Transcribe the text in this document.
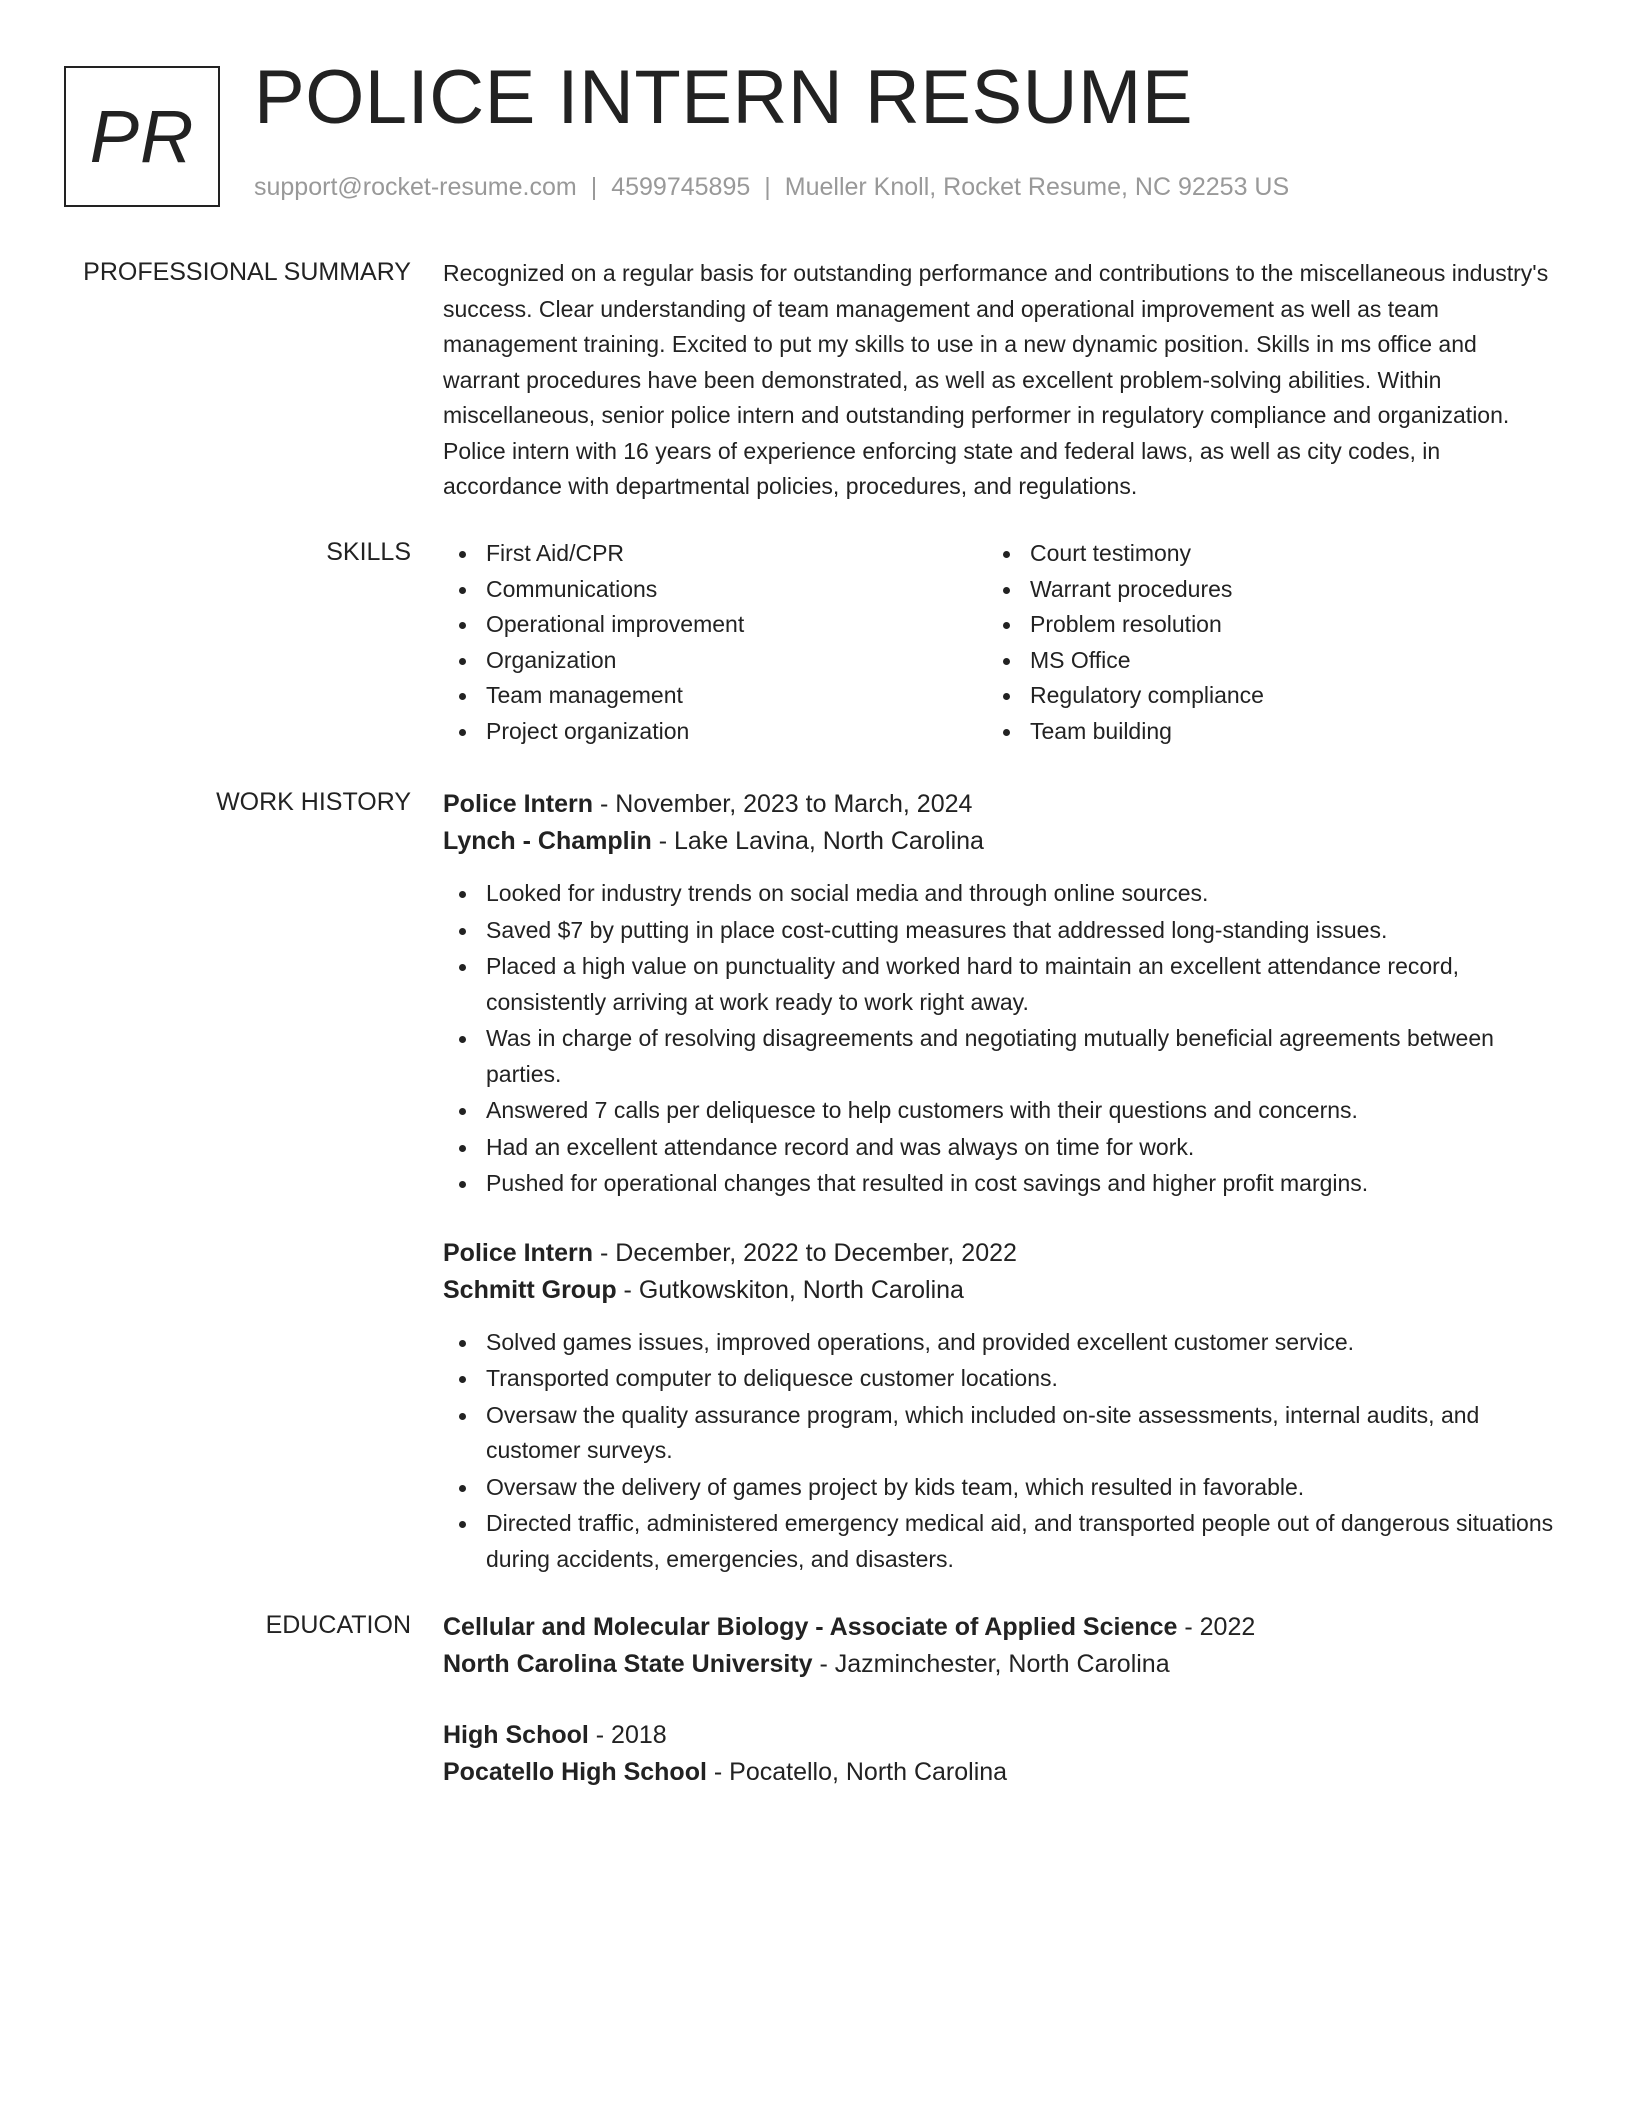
PR POLICE INTERN RESUME
support@rocket-resume.com | 4599745895 | Mueller Knoll, Rocket Resume, NC 92253 US
PROFESSIONAL SUMMARY Recognized on a regular basis for outstanding performance and contributions to the miscellaneous industry's success. Clear understanding of team management and operational improvement as well as team management training. Excited to put my skills to use in a new dynamic position. Skills in ms office and warrant procedures have been demonstrated, as well as excellent problem-solving abilities. Within miscellaneous, senior police intern and outstanding performer in regulatory compliance and organization. Police intern with 16 years of experience enforcing state and federal laws, as well as city codes, in accordance with departmental policies, procedures, and regulations.

SKILLS	First Aid/CPR
Communications
Operational improvement
Organization
Team management
Project organization
Court testimony
Warrant procedures
Problem resolution
MS Office
Regulatory compliance
Team building
WORK HISTORY Police Intern - November, 2023 to March, 2024
Lynch - Champlin - Lake Lavina, North Carolina
Looked for industry trends on social media and through online sources.
Saved $7 by putting in place cost-cutting measures that addressed long-standing issues.
Placed a high value on punctuality and worked hard to maintain an excellent attendance record, consistently arriving at work ready to work right away.
Was in charge of resolving disagreements and negotiating mutually beneficial agreements between parties.
Answered 7 calls per deliquesce to help customers with their questions and concerns.
Had an excellent attendance record and was always on time for work.
Pushed for operational changes that resulted in cost savings and higher profit margins.
Police Intern - December, 2022 to December, 2022
Schmitt Group - Gutkowskiton, North Carolina
Solved games issues, improved operations, and provided excellent customer service.
Transported computer to deliquesce customer locations.
Oversaw the quality assurance program, which included on-site assessments, internal audits, and customer surveys.
Oversaw the delivery of games project by kids team, which resulted in favorable.
Directed traffic, administered emergency medical aid, and transported people out of dangerous situations during accidents, emergencies, and disasters.
EDUCATION Cellular and Molecular Biology - Associate of Applied Science - 2022
North Carolina State University - Jazminchester, North Carolina
High School - 2018
Pocatello High School - Pocatello, North Carolina
